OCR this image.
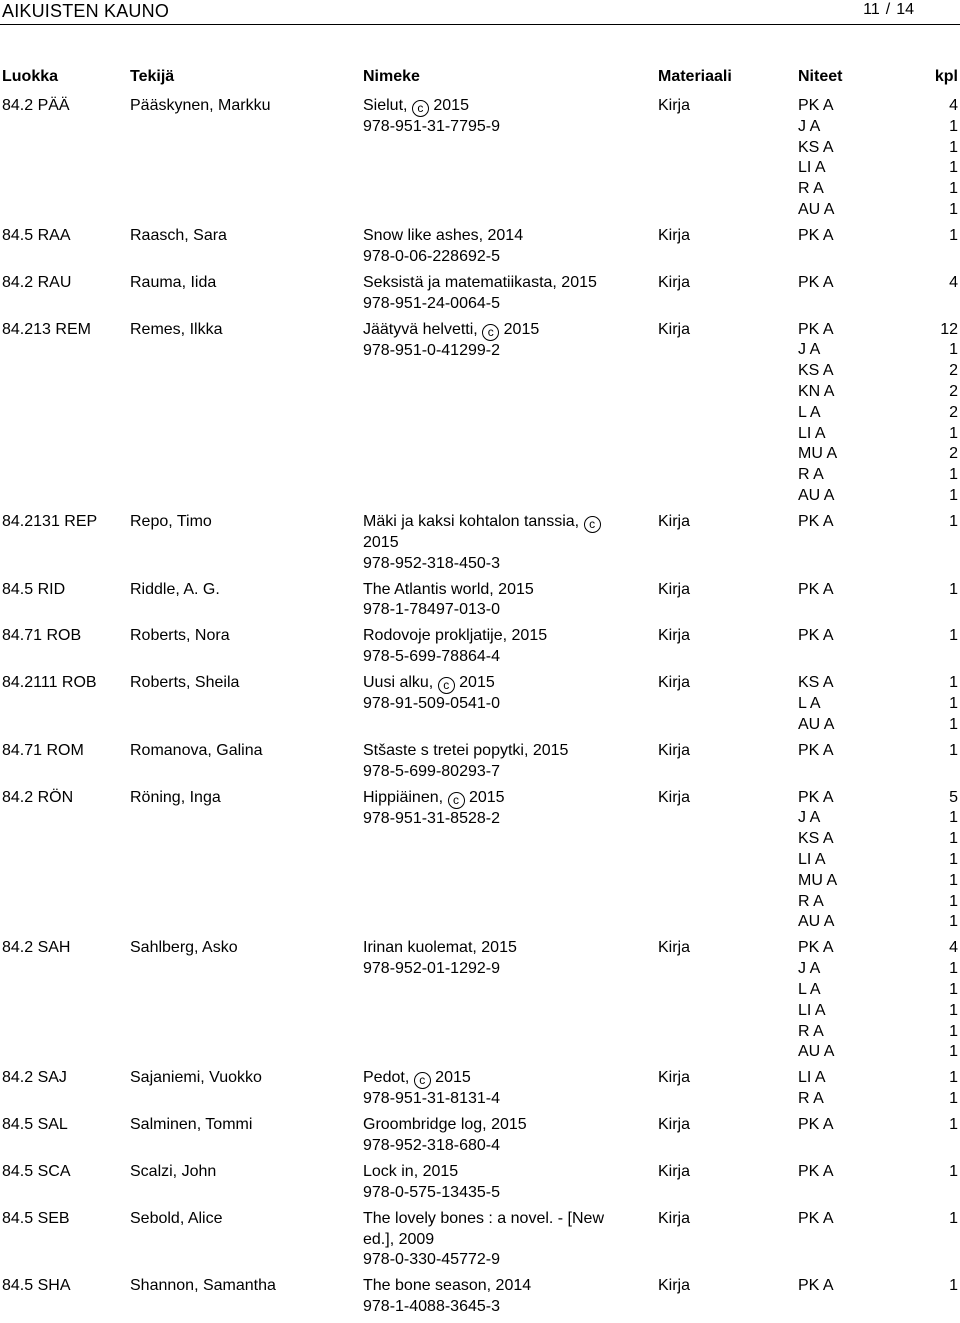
AIKUISTEN KAUNO	11 / 14
Luokka	Tekijä	Nimeke	Materiaali	Niteet	kpl
84.2 PÄÄ	Pääskynen, Markku	Sielut, c 2015
978-951-31-7795-9
Kirja	PK A	4
J A	1
KS A	1
LI A	1
R A	1
AU A	1
84.5 RAA	Raasch, Sara	Snow like ashes, 2014
978-0-06-228692-5
Kirja	PK A	1
84.2 RAU	Rauma, Iida	Seksistä ja matematiikasta, 2015
978-951-24-0064-5
Kirja	PK A	4
84.213 REM Remes, Ilkka	Jäätyvä helvetti, c 2015
978-951-0-41299-2
Kirja	PK A	12
J A	1
KS A	2
KN A	2
L A	2
LI A	1
MU A	2
R A	1
AU A	1
84.2131 REP Repo, Timo	Mäki ja kaksi kohtalon tanssia, c
2015
978-952-318-450-3
Kirja	PK A	1
84.5 RID	Riddle, A. G.	The Atlantis world, 2015
978-1-78497-013-0
Kirja	PK A	1
84.71 ROB	Roberts, Nora	Rodovoje prokljatije, 2015
978-5-699-78864-4
Kirja	PK A	1
84.2111 ROB Roberts, Sheila	Uusi alku, c 2015
978-91-509-0541-0
Kirja	KS A	1
L A	1
AU A	1
84.71 ROM	Romanova, Galina	Stšaste s tretei popytki, 2015
978-5-699-80293-7
Kirja	PK A	1
84.2 RÖN	Röning, Inga	Hippiäinen, c 2015
978-951-31-8528-2
Kirja	PK A	5
J A	1
KS A	1
LI A	1
MU A	1
R A	1
AU A	1
84.2 SAH	Sahlberg, Asko	Irinan kuolemat, 2015
978-952-01-1292-9
Kirja	PK A	4
J A	1
L A	1
LI A	1
R A	1
AU A	1
84.2 SAJ	Sajaniemi, Vuokko	Pedot, c 2015
978-951-31-8131-4
Kirja	LI A	1
R A	1
84.5 SAL	Salminen, Tommi	Groombridge log, 2015
978-952-318-680-4
Kirja	PK A	1
84.5 SCA	Scalzi, John	Lock in, 2015
978-0-575-13435-5
Kirja	PK A	1
84.5 SEB	Sebold, Alice	The lovely bones : a novel. - [New
ed.], 2009
978-0-330-45772-9
Kirja	PK A	1
84.5 SHA	Shannon, Samantha	The bone season, 2014
978-1-4088-3645-3
Kirja	PK A	1
